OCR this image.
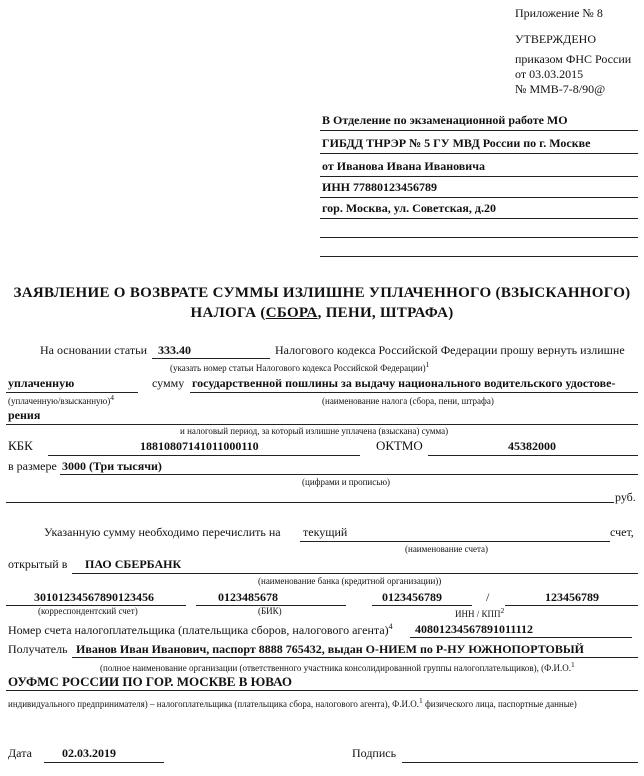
Приложение № 8
УТВЕРЖДЕНО
приказом ФНС России
от 03.03.2015
№ ММВ-7-8/90@
В Отделение по экзаменационной работе МО
ГИБДД ТНРЭР № 5 ГУ МВД России по г. Москве
от Иванова Ивана Ивановича
ИНН 77880123456789
гор. Москва, ул. Советская, д.20
ЗАЯВЛЕНИЕ О ВОЗВРАТЕ СУММЫ ИЗЛИШНЕ УПЛАЧЕННОГО (ВЗЫСКАННОГО)
НАЛОГА (СБОРА, ПЕНИ, ШТРАФА)
На основании статьи 333.40	Налогового кодекса Российской Федерации прошу вернуть излишне
(указать номер статьи Налогового кодекса Российской Федерации)$^1$
уплаченную	сумму государственной пошлины за выдачу национального водительского удостове-
(уплаченную/взысканную)$^4$	(наименование налога (сбора, пени, штрафа)
рения
и налоговый период, за который излишне уплачена (взыскана) сумма)
КБК	18810807141011000110	ОКТМО	45382000
в размере 3000 (Три тысячи)
(цифрами и прописью)
руб.
Указанную сумму необходимо перечислить на текущий	счет,
(наименование счета)
открытый в ПАО СБЕРБАНК
(наименование банка (кредитной организации))
30101234567890123456
(корреспондентский счет)
0123485678
(БИК)
0123456789	/	123456789
ИНН / КПП$^2$
Номер счета налогоплательщика (плательщика сборов, налогового агента)$^4$ 40801234567891011112
Получатель Иванов Иван Иванович, паспорт 8888 765432, выдан О-НИЕМ по Р-НУ ЮЖНОПОРТОВЫЙ
(полное наименование организации (ответственного участника консолидированной группы налогоплательщиков), (Ф.И.О.$^1$
ОУФМС РОССИИ ПО ГОР. МОСКВЕ В ЮВАО
индивидуального предпринимателя) – налогоплательщика (плательщика сбора, налогового агента), Ф.И.О.$^1$ физического лица, паспортные данные)
Дата	02.03.2019	Подпись
